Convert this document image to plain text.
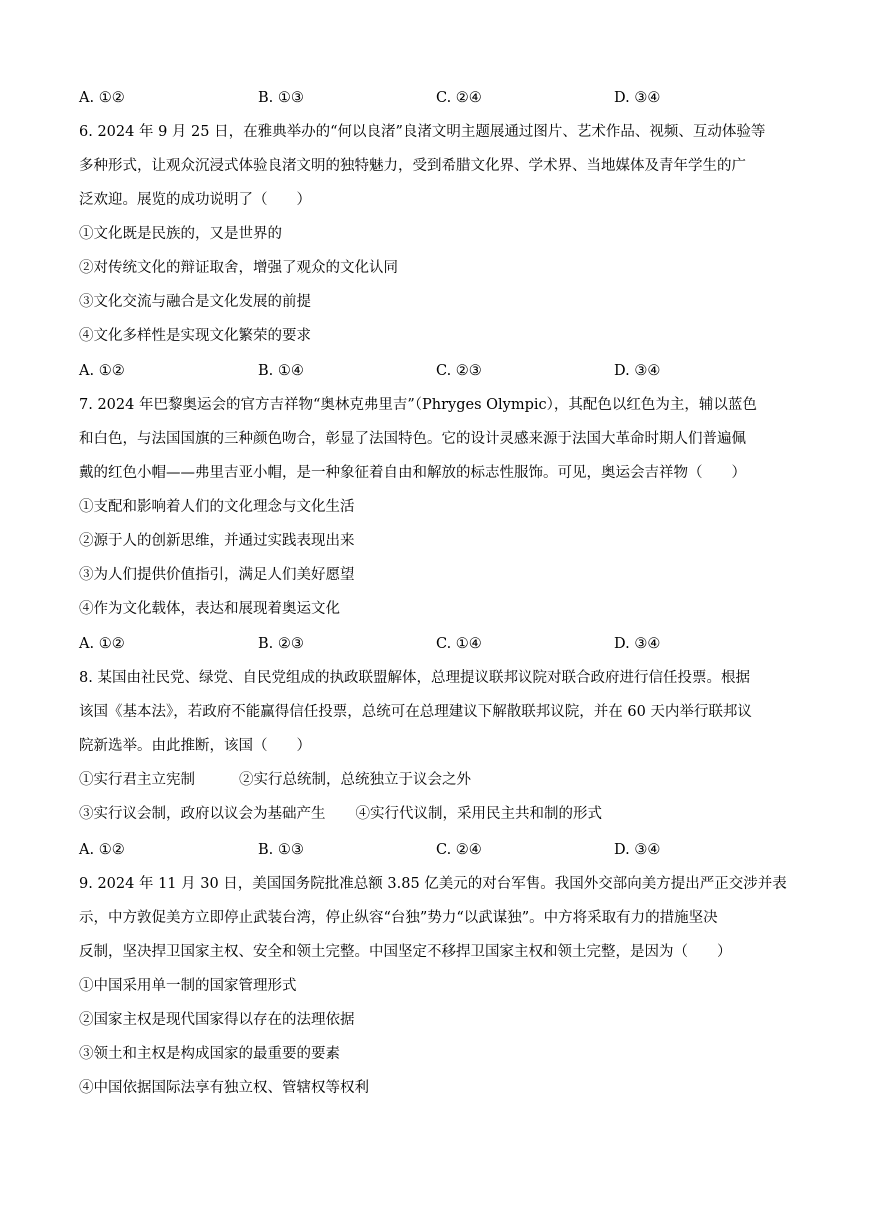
A. ①②	B. ①③	C. ②④	D. ③④
6. 2024 年 9 月 25 日，在雅典举办的“何以良渚”良渚文明主题展通过图片、艺术作品、视频、互动体验等
多种形式，让观众沉浸式体验良渚文明的独特魅力，受到希腊文化界、学术界、当地媒体及青年学生的广
泛欢迎。展览的成功说明了（　　）
①文化既是民族的，又是世界的
②对传统文化的辩证取舍，增强了观众的文化认同
③文化交流与融合是文化发展的前提
④文化多样性是实现文化繁荣的要求
A. ①②	B. ①④	C. ②③	D. ③④
7. 2024 年巴黎奥运会的官方吉祥物“奥林克弗里吉”（Phryges Olympic），其配色以红色为主，辅以蓝色
和白色，与法国国旗的三种颜色吻合，彰显了法国特色。它的设计灵感来源于法国大革命时期人们普遍佩
戴的红色小帽——弗里吉亚小帽，是一种象征着自由和解放的标志性服饰。可见，奥运会吉祥物（　　）
①支配和影响着人们的文化理念与文化生活
②源于人的创新思维，并通过实践表现出来
③为人们提供价值指引，满足人们美好愿望
④作为文化载体，表达和展现着奥运文化
A. ①②	B. ②③	C. ①④	D. ③④
8. 某国由社民党、绿党、自民党组成的执政联盟解体，总理提议联邦议院对联合政府进行信任投票。根据
该国《基本法》，若政府不能赢得信任投票，总统可在总理建议下解散联邦议院，并在 60 天内举行联邦议
院新选举。由此推断，该国（　　）
①实行君主立宪制	②实行总统制，总统独立于议会之外
③实行议会制，政府以议会为基础产生 ④实行代议制，采用民主共和制的形式
A. ①②	B. ①③	C. ②④	D. ③④
9. 2024 年 11 月 30 日，美国国务院批准总额 3.85 亿美元的对台军售。我国外交部向美方提出严正交涉并表
示，中方敦促美方立即停止武装台湾，停止纵容“台独”势力“以武谋独”。中方将采取有力的措施坚决
反制，坚决捍卫国家主权、安全和领土完整。中国坚定不移捍卫国家主权和领土完整，是因为（　　）
①中国采用单一制的国家管理形式
②国家主权是现代国家得以存在的法理依据
③领土和主权是构成国家的最重要的要素
④中国依据国际法享有独立权、管辖权等权利
